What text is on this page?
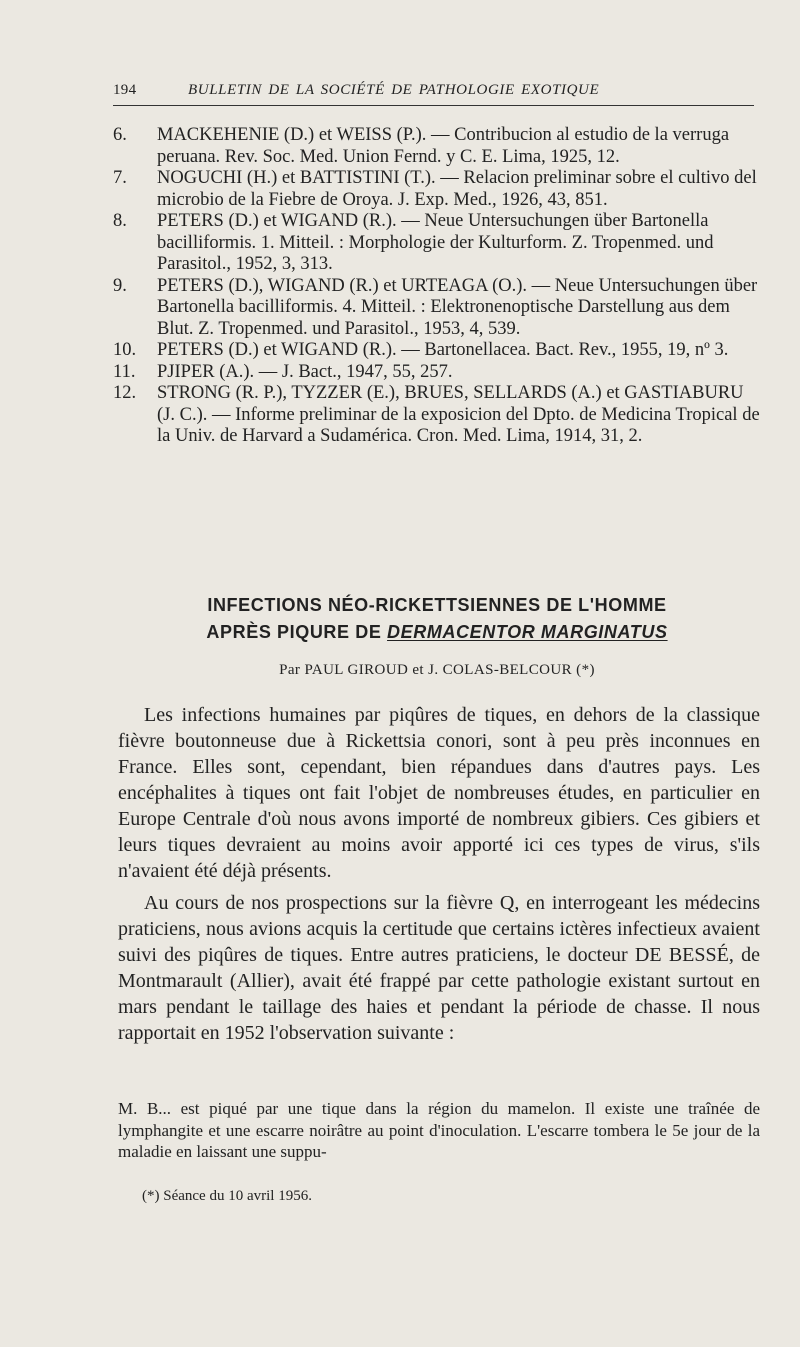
194	BULLETIN DE LA SOCIÉTÉ DE PATHOLOGIE EXOTIQUE
6. MACKEHENIE (D.) et WEISS (P.). — Contribucion al estudio de la verruga peruana. Rev. Soc. Med. Union Fernd. y C. E. Lima, 1925, 12.
7. NOGUCHI (H.) et BATTISTINI (T.). — Relacion preliminar sobre el cultivo del microbio de la Fiebre de Oroya. J. Exp. Med., 1926, 43, 851.
8. PETERS (D.) et WIGAND (R.). — Neue Untersuchungen über Bartonella bacilliformis. 1. Mitteil. : Morphologie der Kulturform. Z. Tropenmed. und Parasitol., 1952, 3, 313.
9. PETERS (D.), WIGAND (R.) et URTEAGA (O.). — Neue Untersuchungen über Bartonella bacilliformis. 4. Mitteil. : Elektronenoptische Darstellung aus dem Blut. Z. Tropenmed. und Parasitol., 1953, 4, 539.
10. PETERS (D.) et WIGAND (R.). — Bartonellacea. Bact. Rev., 1955, 19, nº 3.
11. PJIPER (A.). — J. Bact., 1947, 55, 257.
12. STRONG (R. P.), TYZZER (E.), BRUES, SELLARDS (A.) et GASTIABURU (J. C.). — Informe preliminar de la exposicion del Dpto. de Medicina Tropical de la Univ. de Harvard a Sudamérica. Cron. Med. Lima, 1914, 31, 2.
INFECTIONS NÉO-RICKETTSIENNES DE L'HOMME
APRÈS PIQURE DE DERMACENTOR MARGINATUS
Par PAUL GIROUD et J. COLAS-BELCOUR (*)

Les infections humaines par piqûres de tiques, en dehors de la classique fièvre boutonneuse due à Rickettsia conori, sont à peu près inconnues en France. Elles sont, cependant, bien répandues dans d'autres pays. Les encéphalites à tiques ont fait l'objet de nombreuses études, en particulier en Europe Centrale d'où nous avons importé de nombreux gibiers. Ces gibiers et leurs tiques devraient au moins avoir apporté ici ces types de virus, s'ils n'avaient été déjà présents.

Au cours de nos prospections sur la fièvre Q, en interrogeant les médecins praticiens, nous avions acquis la certitude que certains ictères infectieux avaient suivi des piqûres de tiques. Entre autres praticiens, le docteur DE BESSÉ, de Montmarault (Allier), avait été frappé par cette pathologie existant surtout en mars pendant le taillage des haies et pendant la période de chasse. Il nous rapportait en 1952 l'observation suivante :

M. B... est piqué par une tique dans la région du mamelon. Il existe une traînée de lymphangite et une escarre noirâtre au point d'inoculation. L'escarre tombera le 5e jour de la maladie en laissant une suppu-
(*) Séance du 10 avril 1956.
